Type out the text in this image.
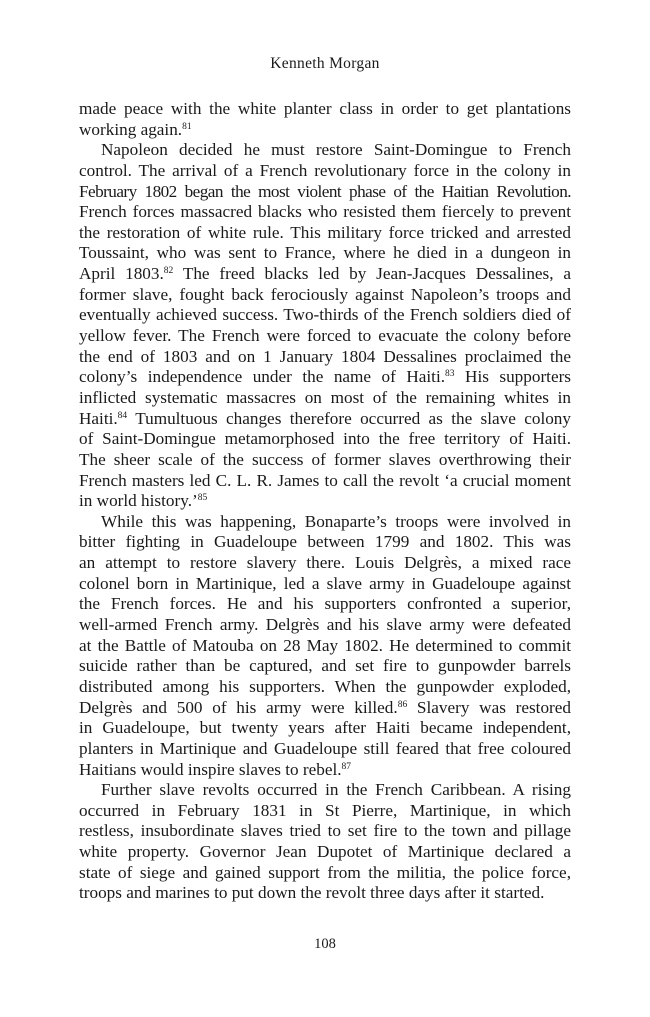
Kenneth Morgan
made peace with the white planter class in order to get plantations
working again.$^{81}$
Napoleon decided he must restore Saint-Domingue to French
control. The arrival of a French revolutionary force in the colony in
February 1802 began the most violent phase of the Haitian Revolution.
French forces massacred blacks who resisted them fiercely to prevent
the restoration of white rule. This military force tricked and arrested
Toussaint, who was sent to France, where he died in a dungeon in
April 1803.82 The freed blacks led by Jean-Jacques Dessalines, a
former slave, fought back ferociously against Napoleon’s troops and
eventually achieved success. Two-thirds of the French soldiers died of
yellow fever. The French were forced to evacuate the colony before
the end of 1803 and on 1 January 1804 Dessalines proclaimed the
colony’s independence under the name of Haiti.$^{83}$ His supporters
inflicted systematic massacres on most of the remaining whites in
Haiti.$^{84}$ Tumultuous changes therefore occurred as the slave colony
of Saint-Domingue metamorphosed into the free territory of Haiti.
The sheer scale of the success of former slaves overthrowing their
French masters led C. L. R. James to call the revolt ‘a crucial moment
in world history.’$^{85}$
While this was happening, Bonaparte’s troops were involved in
bitter fighting in Guadeloupe between 1799 and 1802. This was
an attempt to restore slavery there. Louis Delgrès, a mixed race
colonel born in Martinique, led a slave army in Guadeloupe against
the French forces. He and his supporters confronted a superior,
well-armed French army. Delgrès and his slave army were defeated
at the Battle of Matouba on 28 May 1802. He determined to commit
suicide rather than be captured, and set fire to gunpowder barrels
distributed among his supporters. When the gunpowder exploded,
Delgrès and 500 of his army were killed.$^{86}$ Slavery was restored
in Guadeloupe, but twenty years after Haiti became independent,
planters in Martinique and Guadeloupe still feared that free coloured
Haitians would inspire slaves to rebel.$^{87}$
Further slave revolts occurred in the French Caribbean. A rising
occurred in February 1831 in St Pierre, Martinique, in which
restless, insubordinate slaves tried to set fire to the town and pillage
white property. Governor Jean Dupotet of Martinique declared a
state of siege and gained support from the militia, the police force,
troops and marines to put down the revolt three days after it started.
108
